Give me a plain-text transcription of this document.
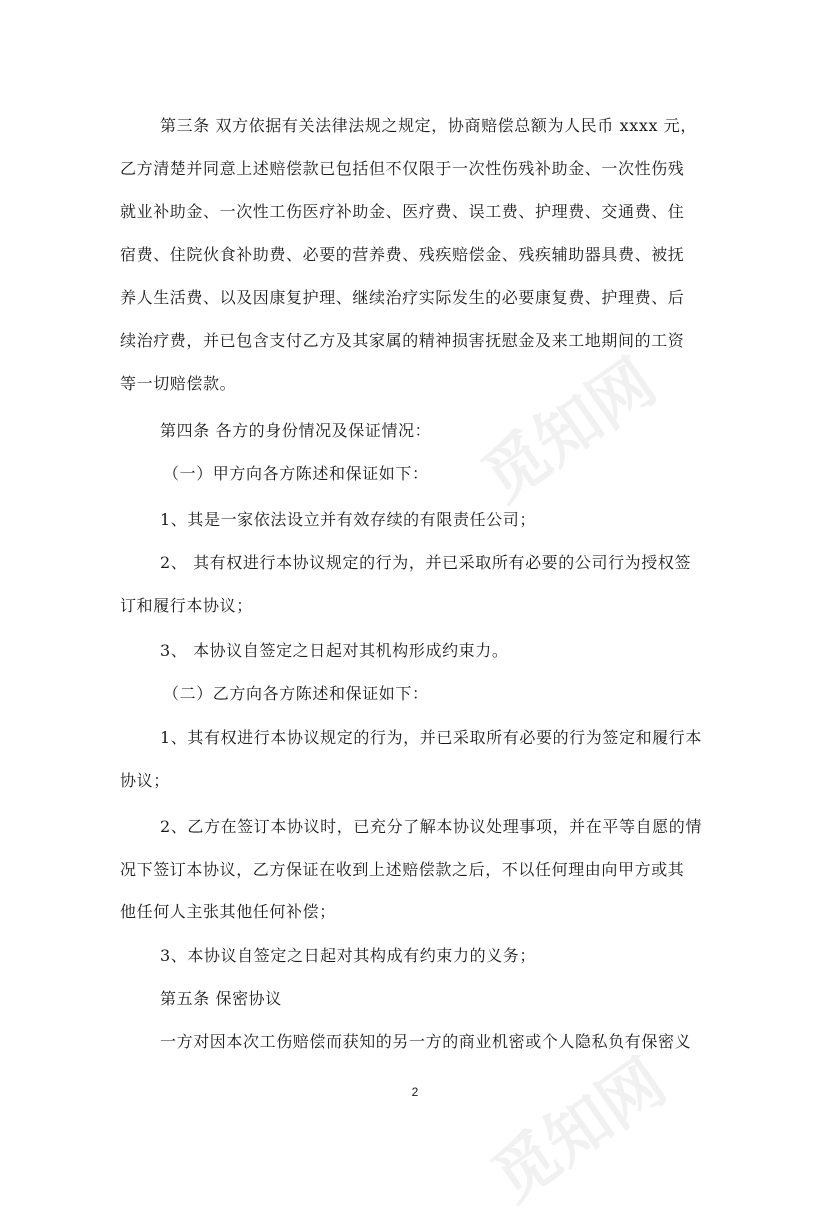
觅知网
觅知网
第三条 双方依据有关法律法规之规定，协商赔偿总额为人民币 xxxx 元，
乙方清楚并同意上述赔偿款已包括但不仅限于一次性伤残补助金、一次性伤残
就业补助金、一次性工伤医疗补助金、医疗费、误工费、护理费、交通费、住
宿费、住院伙食补助费、必要的营养费、残疾赔偿金、残疾辅助器具费、被抚
养人生活费、以及因康复护理、继续治疗实际发生的必要康复费、护理费、后
续治疗费，并已包含支付乙方及其家属的精神损害抚慰金及来工地期间的工资
等一切赔偿款。
第四条 各方的身份情况及保证情况：
（一）甲方向各方陈述和保证如下：
1、其是一家依法设立并有效存续的有限责任公司；
2、 其有权进行本协议规定的行为，并已采取所有必要的公司行为授权签
订和履行本协议；
3、 本协议自签定之日起对其机构形成约束力。
（二）乙方向各方陈述和保证如下：
1、其有权进行本协议规定的行为，并已采取所有必要的行为签定和履行本
协议；
2、乙方在签订本协议时，已充分了解本协议处理事项，并在平等自愿的情
况下签订本协议，乙方保证在收到上述赔偿款之后，不以任何理由向甲方或其
他任何人主张其他任何补偿；
3、本协议自签定之日起对其构成有约束力的义务；
第五条 保密协议
一方对因本次工伤赔偿而获知的另一方的商业机密或个人隐私负有保密义
2
